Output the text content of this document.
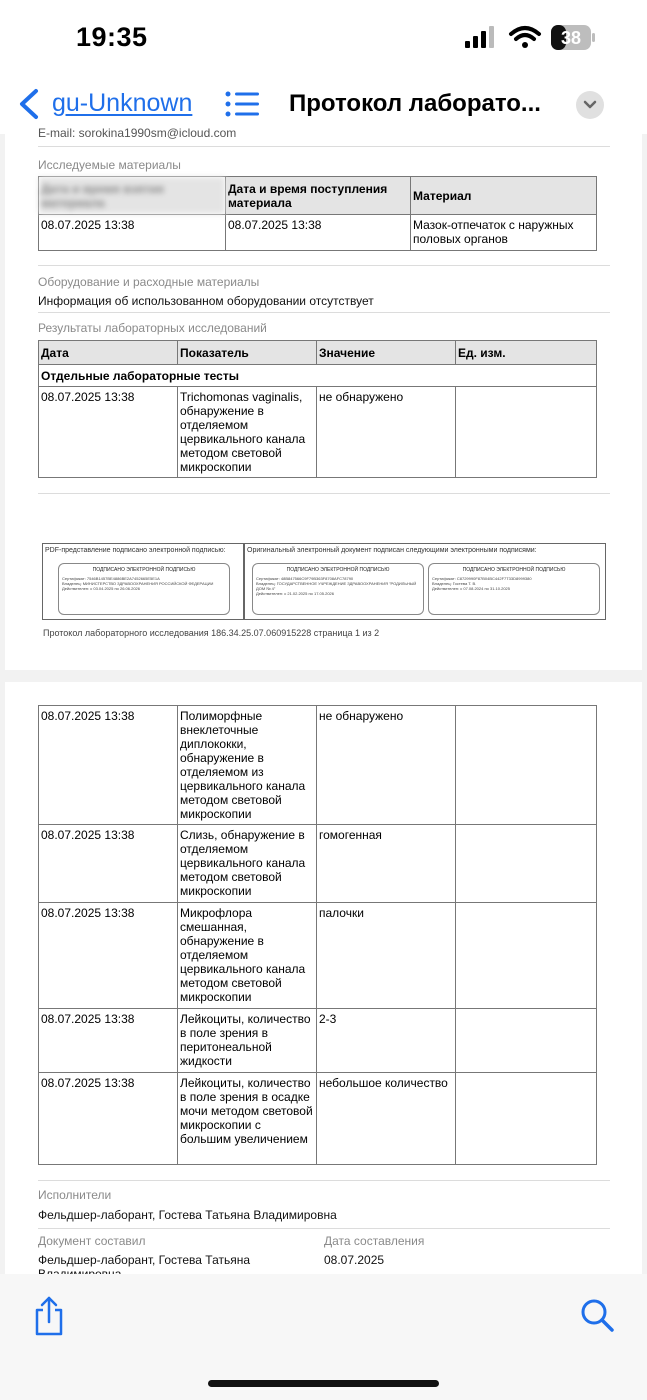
19:35	38
gu-Unknown	Протокол лаборато...
E-mail: sorokina1990sm@icloud.com
Исследуемые материалы
Дата и время взятия материала	Дата и время поступления материала	Материал
08.07.2025 13:38	08.07.2025 13:38	Мазок-отпечаток с наружных половых органов
Оборудование и расходные материалы
Информация об использованном оборудовании отсутствует
Результаты лабораторных исследований
Дата	Показатель	Значение	Ед. изм.
Отдельные лабораторные тесты			
08.07.2025 13:38	Trichomonas vaginalis, обнаружение в отделяемом цервикального канала методом световой микроскопии	не обнаружено	
PDF-представление подписано электронной подписью:
ПОДПИСАНО ЭЛЕКТРОННОЙ ПОДПИСЬЮ
Сертификат: 7546B1457BE4886BE2A7452665E5E1A
Владелец: МИНИСТЕРСТВО ЗДРАВООХРАНЕНИЯ РОССИЙСКОЙ ФЕДЕРАЦИИ
Действителен: с 03.04.2025 по 26.06.2026
Оригинальный электронный документ подписан следующими электронными подписями:
ПОДПИСАНО ЭЛЕКТРОННОЙ ПОДПИСЬЮ
Сертификат: 48B847566C9F79B363F8708AFC78790
Владелец: ГОСУДАРСТВЕННОЕ УЧРЕЖДЕНИЕ ЗДРАВООХРАНЕНИЯ "РОДИЛЬНЫЙ ДОМ № 4"
Действителен: с 21.02.2025 по 17.05.2026
ПОДПИСАНО ЭЛЕКТРОННОЙ ПОДПИСЬЮ
Сертификат: C8729990F87B04BC442F7T33D8999380
Владелец: Гостева Т. В.
Действителен: с 07.08.2024 по 31.10.2025
Протокол лабораторного исследования 186.34.25.07.060915228 страница 1 из 2
08.07.2025 13:38	Полиморфные внеклеточные диплококки, обнаружение в отделяемом из цервикального канала методом световой микроскопии	не обнаружено	
08.07.2025 13:38	Слизь, обнаружение в отделяемом цервикального канала методом световой микроскопии	гомогенная	
08.07.2025 13:38	Микрофлора смешанная, обнаружение в отделяемом цервикального канала методом световой микроскопии	палочки	
08.07.2025 13:38	Лейкоциты, количество в поле зрения в перитонеальной жидкости	2-3	
08.07.2025 13:38	Лейкоциты, количество в поле зрения в осадке мочи методом световой микроскопии с большим увеличением	небольшое количество	
Исполнители
Фельдшер-лаборант, Гостева Татьяна Владимировна
Документ составил
Фельдшер-лаборант, Гостева Татьяна
Дата составления
08.07.2025
